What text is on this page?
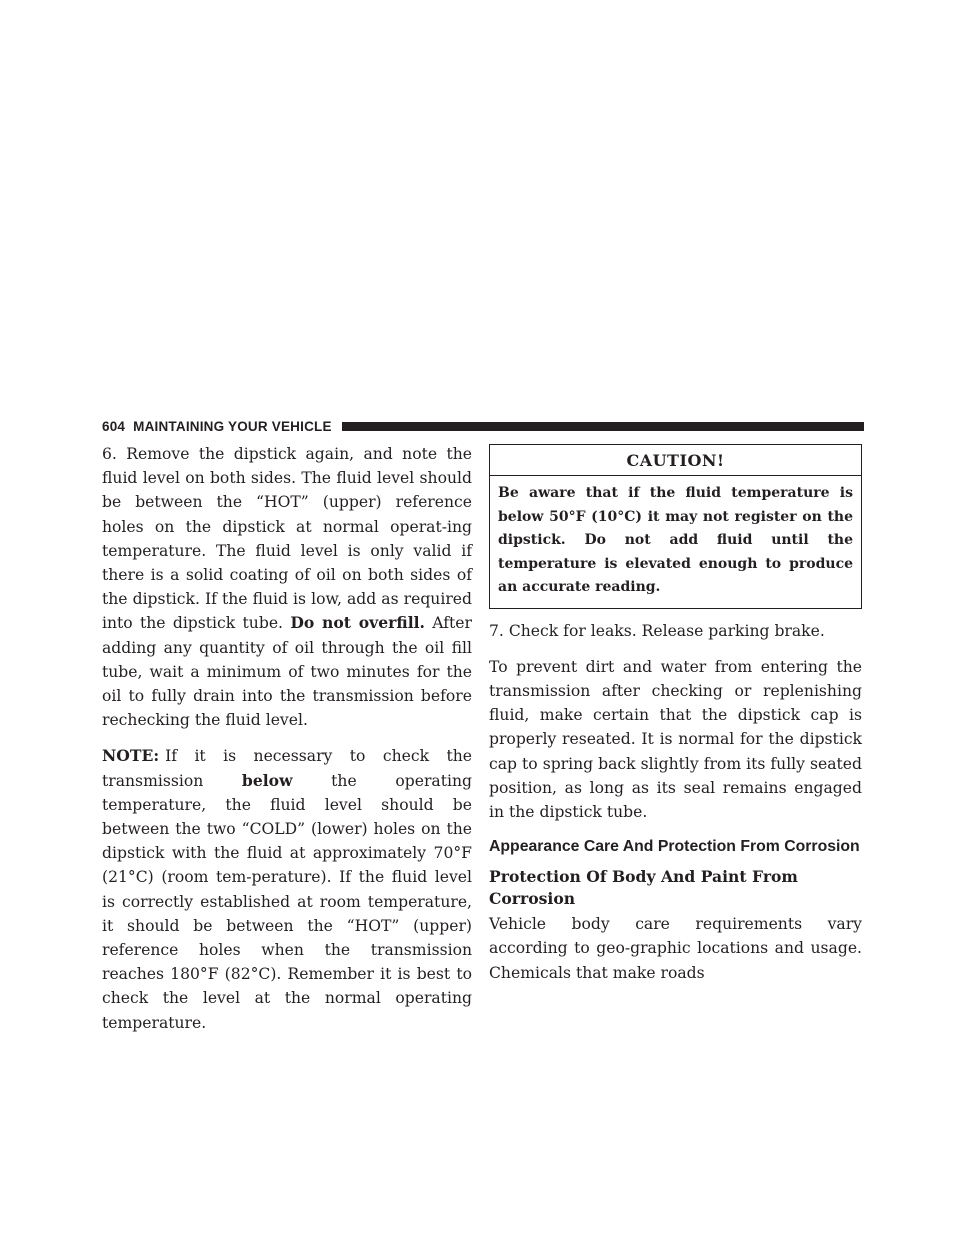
604 MAINTAINING YOUR VEHICLE

6. Remove the dipstick again, and note the fluid level on both sides. The fluid level should be between the “HOT” (upper) reference holes on the dipstick at normal operat-ing temperature. The fluid level is only valid if there is a solid coating of oil on both sides of the dipstick. If the fluid is low, add as required into the dipstick tube. Do not overfill. After adding any quantity of oil through the oil fill tube, wait a minimum of two minutes for the oil to fully drain into the transmission before rechecking the fluid level.

NOTE: If it is necessary to check the transmission below the operating temperature, the fluid level should be between the two “COLD” (lower) holes on the dipstick with the fluid at approximately 70°F (21°C) (room tem-perature). If the fluid level is correctly established at room temperature, it should be between the “HOT” (upper) reference holes when the transmission reaches 180°F (82°C). Remember it is best to check the level at the normal operating temperature.

CAUTION!
Be aware that if the fluid temperature is below 50°F (10°C) it may not register on the dipstick. Do not add fluid until the temperature is elevated enough to produce an accurate reading.

7. Check for leaks. Release parking brake.

To prevent dirt and water from entering the transmission after checking or replenishing fluid, make certain that the dipstick cap is properly reseated. It is normal for the dipstick cap to spring back slightly from its fully seated position, as long as its seal remains engaged in the dipstick tube.

Appearance Care And Protection From Corrosion
Protection Of Body And Paint From Corrosion

Vehicle body care requirements vary according to geo-graphic locations and usage. Chemicals that make roads
